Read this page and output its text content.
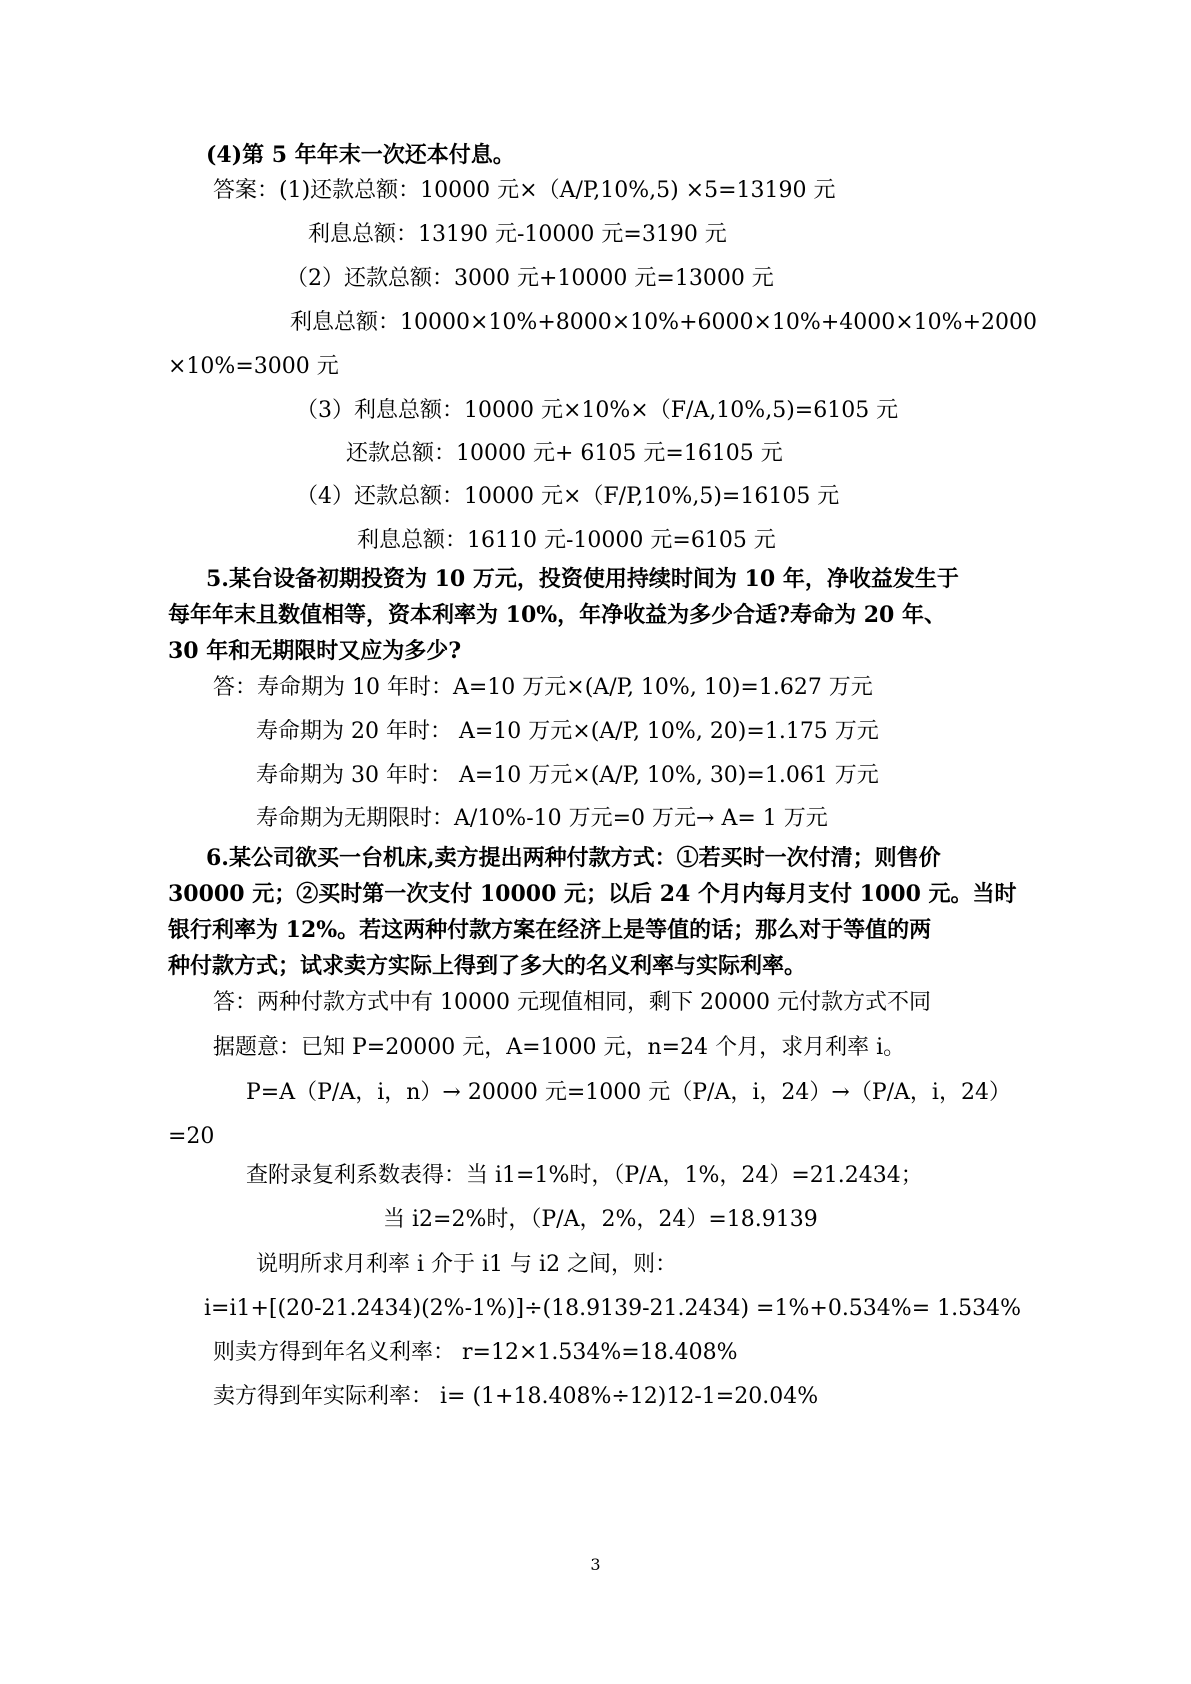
(4)第 5 年年末一次还本付息。
答案：(1)还款总额：10000 元×（A/P,10%,5) ×5=13190 元
利息总额：13190 元-10000 元=3190 元
（2）还款总额：3000 元+10000 元=13000 元
利息总额：10000×10%+8000×10%+6000×10%+4000×10%+2000
×10%=3000 元
（3）利息总额：10000 元×10%×（F/A,10%,5)=6105 元
还款总额：10000 元+ 6105 元=16105 元
（4）还款总额：10000 元×（F/P,10%,5)=16105 元
利息总额：16110 元-10000 元=6105 元
5.某台设备初期投资为 10 万元，投资使用持续时间为 10 年，净收益发生于
每年年末且数值相等，资本利率为 10%，年净收益为多少合适?寿命为 20 年、
30 年和无期限时又应为多少?
答：寿命期为 10 年时：A=10 万元×(A/P, 10%, 10)=1.627 万元
寿命期为 20 年时： A=10 万元×(A/P, 10%, 20)=1.175 万元
寿命期为 30 年时： A=10 万元×(A/P, 10%, 30)=1.061 万元
寿命期为无期限时：A/10%-10 万元=0 万元→ A= 1 万元
6.某公司欲买一台机床,卖方提出两种付款方式：①若买时一次付清；则售价
30000 元；②买时第一次支付 10000 元；以后 24 个月内每月支付 1000 元。当时
银行利率为 12%。若这两种付款方案在经济上是等值的话；那么对于等值的两
种付款方式；试求卖方实际上得到了多大的名义利率与实际利率。
答：两种付款方式中有 10000 元现值相同，剩下 20000 元付款方式不同
据题意：已知 P=20000 元，A=1000 元，n=24 个月，求月利率 i。
P=A（P/A，i，n）→ 20000 元=1000 元（P/A，i，24）→（P/A，i，24）
=20
查附录复利系数表得：当 i1=1%时，（P/A，1%，24）=21.2434；
当 i2=2%时，（P/A，2%，24）=18.9139
说明所求月利率 i 介于 i1 与 i2 之间，则：
i=i1+[(20-21.2434)(2%-1%)]÷(18.9139-21.2434) =1%+0.534%= 1.534%
则卖方得到年名义利率： r=12×1.534%=18.408%
卖方得到年实际利率： i= (1+18.408%÷12)12-1=20.04%
3
